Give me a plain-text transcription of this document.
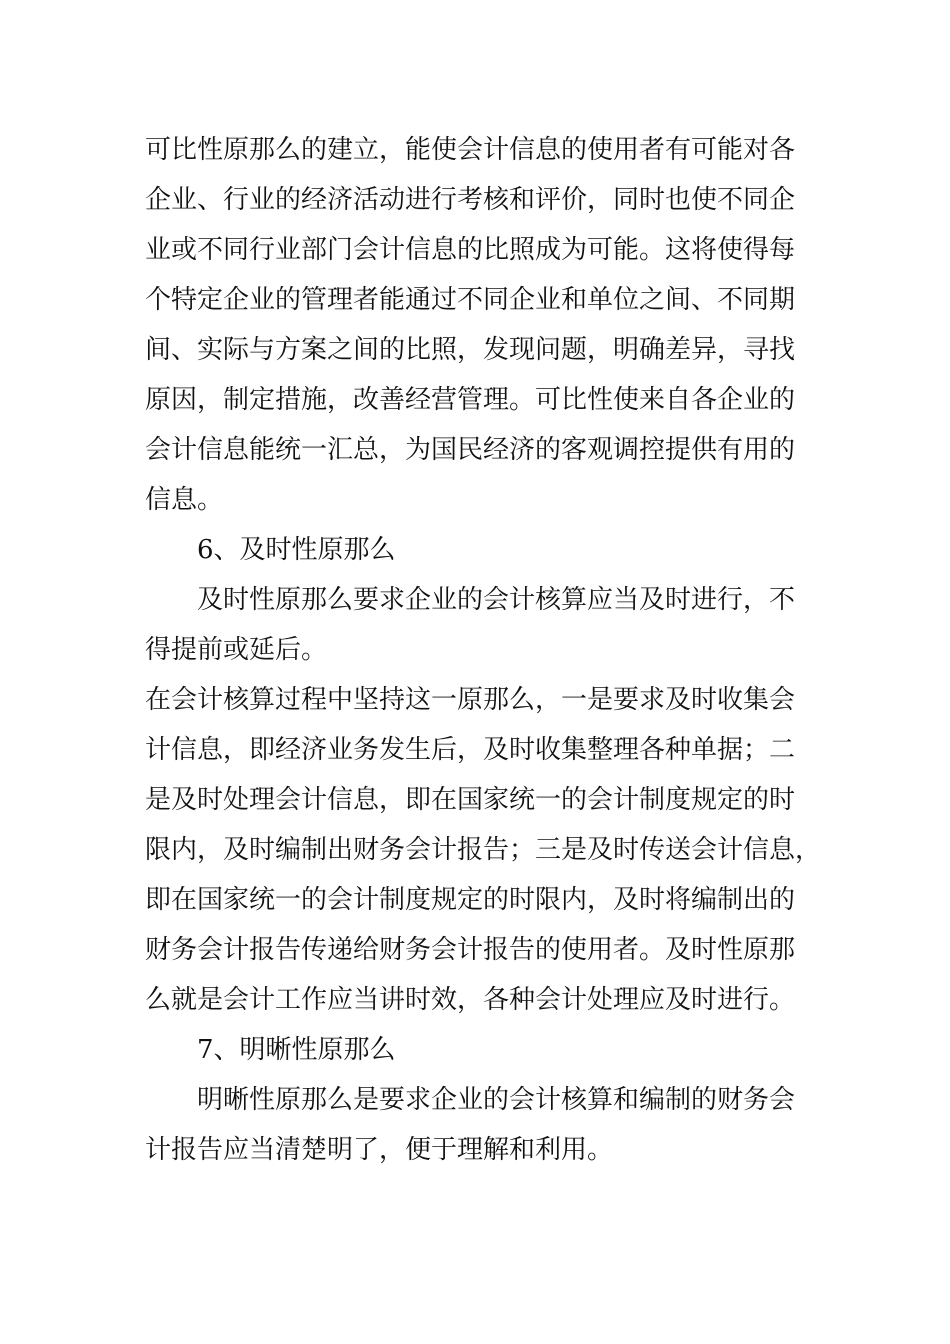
可比性原那么的建立，能使会计信息的使用者有可能对各
企业、行业的经济活动进行考核和评价，同时也使不同企
业或不同行业部门会计信息的比照成为可能。这将使得每
个特定企业的管理者能通过不同企业和单位之间、不同期
间、实际与方案之间的比照，发现问题，明确差异，寻找
原因，制定措施，改善经营管理。可比性使来自各企业的
会计信息能统一汇总，为国民经济的客观调控提供有用的
信息。
6、及时性原那么
及时性原那么要求企业的会计核算应当及时进行，不
得提前或延后。
在会计核算过程中坚持这一原那么，一是要求及时收集会
计信息，即经济业务发生后，及时收集整理各种单据；二
是及时处理会计信息，即在国家统一的会计制度规定的时
限内，及时编制出财务会计报告；三是及时传送会计信息，
即在国家统一的会计制度规定的时限内，及时将编制出的
财务会计报告传递给财务会计报告的使用者。及时性原那
么就是会计工作应当讲时效，各种会计处理应及时进行。
7、明晰性原那么
明晰性原那么是要求企业的会计核算和编制的财务会
计报告应当清楚明了，便于理解和利用。
